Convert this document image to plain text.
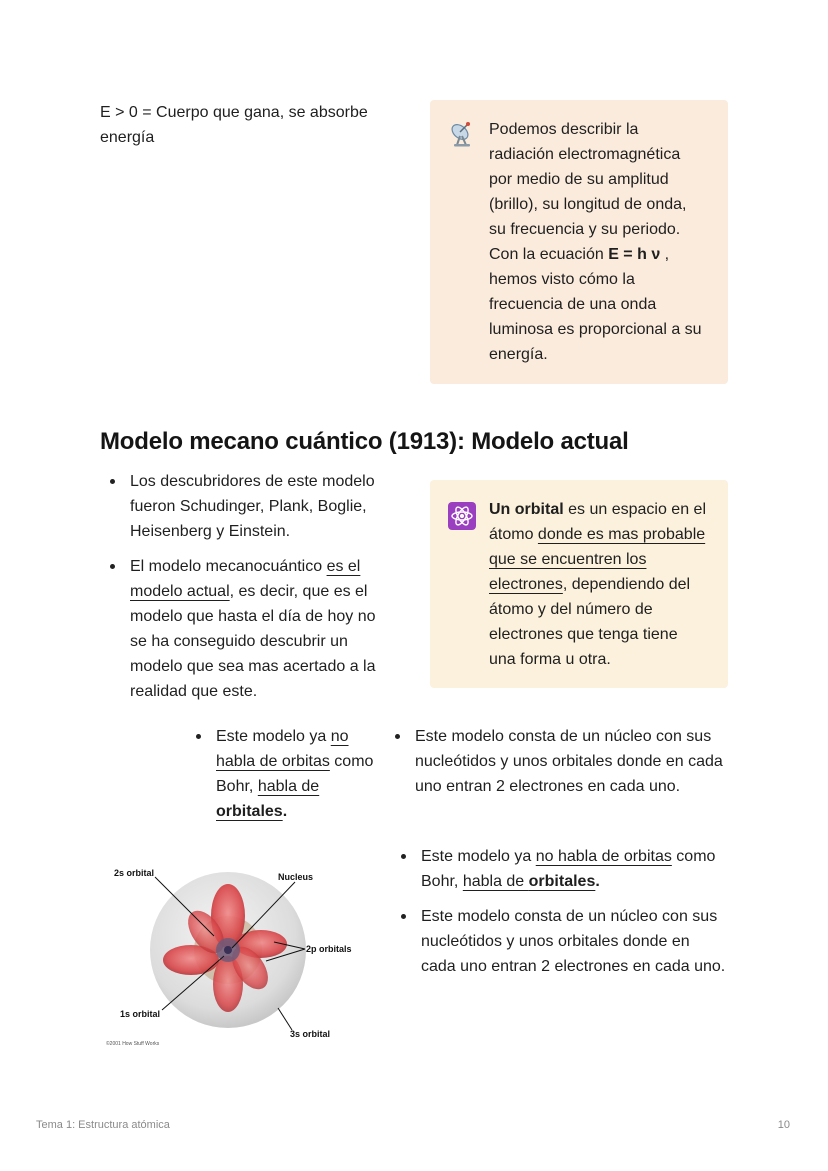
E > 0 = Cuerpo que gana, se absorbe energía	Podemos describir la radiación electromagnética por medio de su amplitud (brillo), su longitud de onda, su frecuencia y su periodo. Con la ecuación E = h ν , hemos visto cómo la frecuencia de una onda luminosa es proporcional a su energía.
Modelo mecano cuántico (1913): Modelo actual
Los descubridores de este modelo fueron Schudinger, Plank, Boglie, Heisenberg y Einstein.
El modelo mecanocuántico es el modelo actual, es decir, que es el modelo que hasta el día de hoy no se ha conseguido descubrir un modelo que sea mas acertado a la realidad que este.
Un orbital es un espacio en el átomo donde es mas probable que se encuentren los electrones, dependiendo del átomo y del número de electrones que tenga tiene una forma u otra.
Este modelo ya no habla de orbitas como Bohr, habla de orbitales.
Este modelo consta de un núcleo con sus nucleótidos y unos orbitales donde en cada uno entran 2 electrones en cada uno.
Este modelo ya no habla de orbitas como Bohr, habla de orbitales.
Este modelo consta de un núcleo con sus nucleótidos y unos orbitales donde en cada uno entran 2 electrones en cada uno.
2s orbital	Nucleus
2p orbitals
1s orbital
3s orbital
©2001 How Stuff Works
Tema 1: Estructura atómica	10
